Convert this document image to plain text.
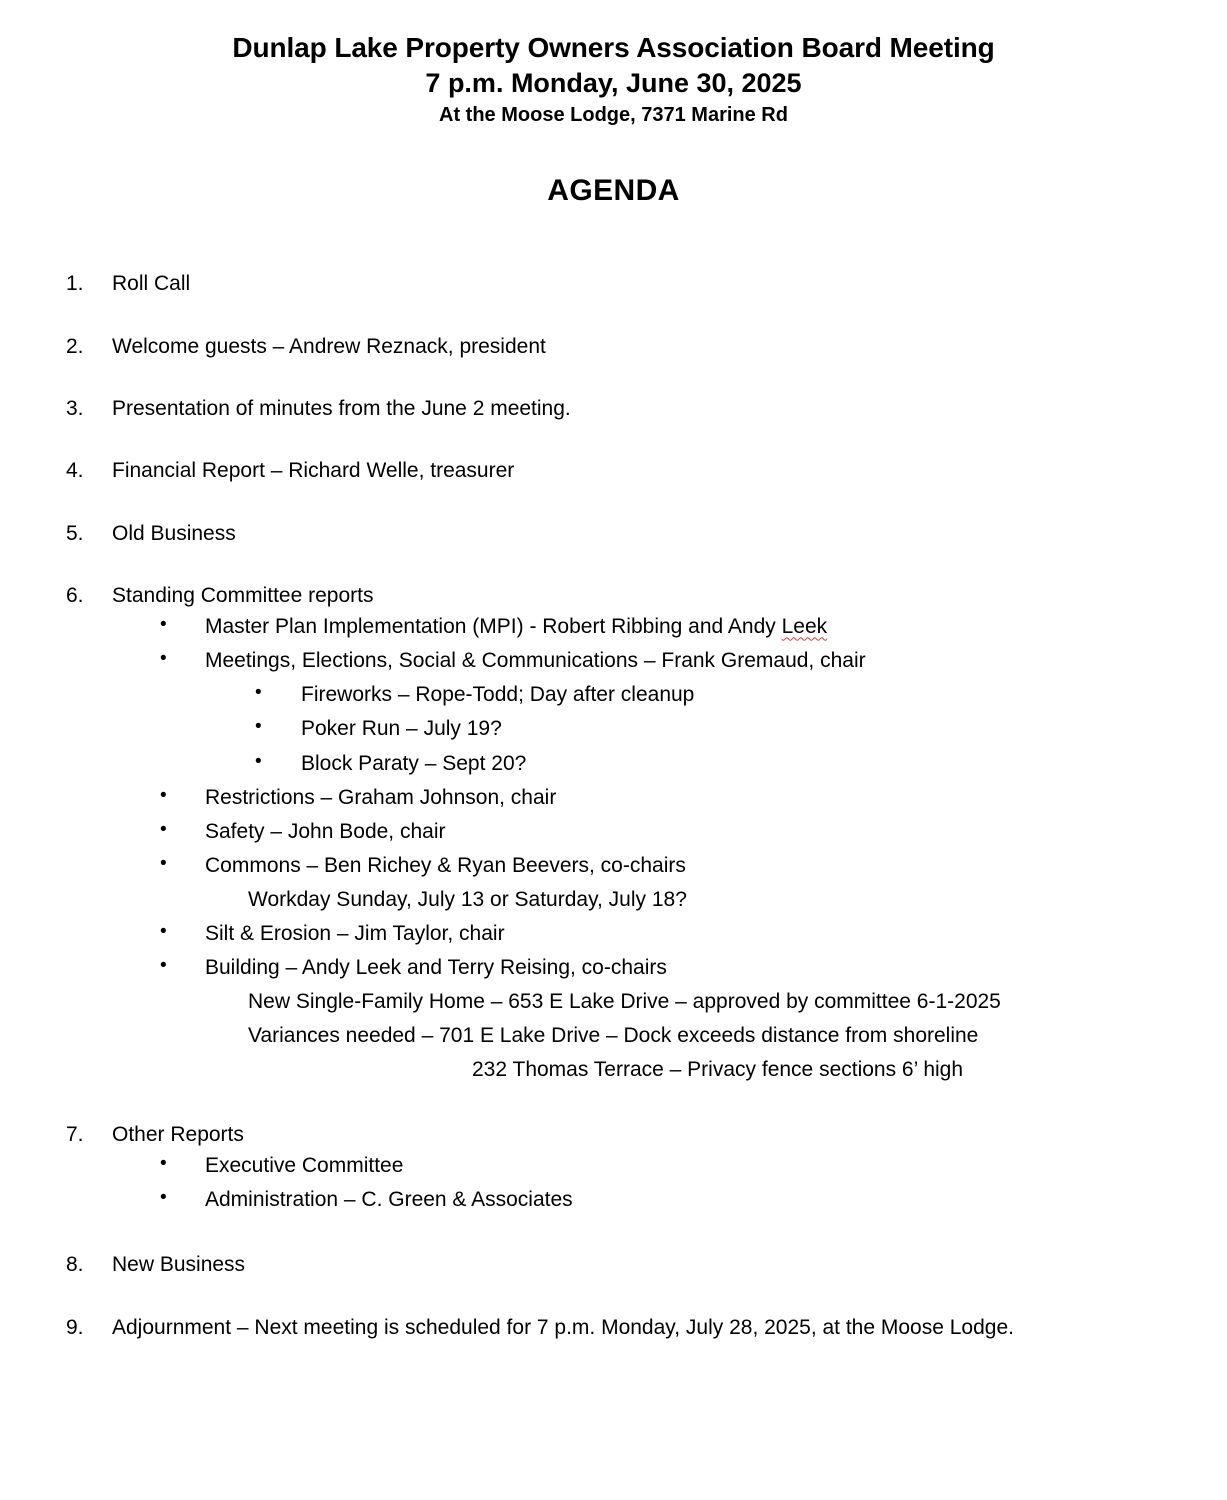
Dunlap Lake Property Owners Association Board Meeting
7 p.m. Monday, June 30, 2025
At the Moose Lodge, 7371 Marine Rd
AGENDA
1.	Roll Call
2.	Welcome guests – Andrew Reznack, president
3.	Presentation of minutes from the June 2 meeting.
4.	Financial Report – Richard Welle, treasurer
5.	Old Business
6.	Standing Committee reports
• Master Plan Implementation (MPI) - Robert Ribbing and Andy Leek
• Meetings, Elections, Social & Communications – Frank Gremaud, chair
• Fireworks – Rope-Todd; Day after cleanup
• Poker Run – July 19?
• Block Paraty – Sept 20?
• Restrictions – Graham Johnson, chair
• Safety – John Bode, chair
• Commons – Ben Richey & Ryan Beevers, co-chairs
Workday Sunday, July 13 or Saturday, July 18?
• Silt & Erosion – Jim Taylor, chair
• Building – Andy Leek and Terry Reising, co-chairs
New Single-Family Home – 653 E Lake Drive – approved by committee 6-1-2025
Variances needed – 701 E Lake Drive – Dock exceeds distance from shoreline
232 Thomas Terrace – Privacy fence sections 6’ high
7.	Other Reports
• Executive Committee
• Administration – C. Green & Associates
8.	New Business
9. Adjournment – Next meeting is scheduled for 7 p.m. Monday, July 28, 2025, at the Moose Lodge.
